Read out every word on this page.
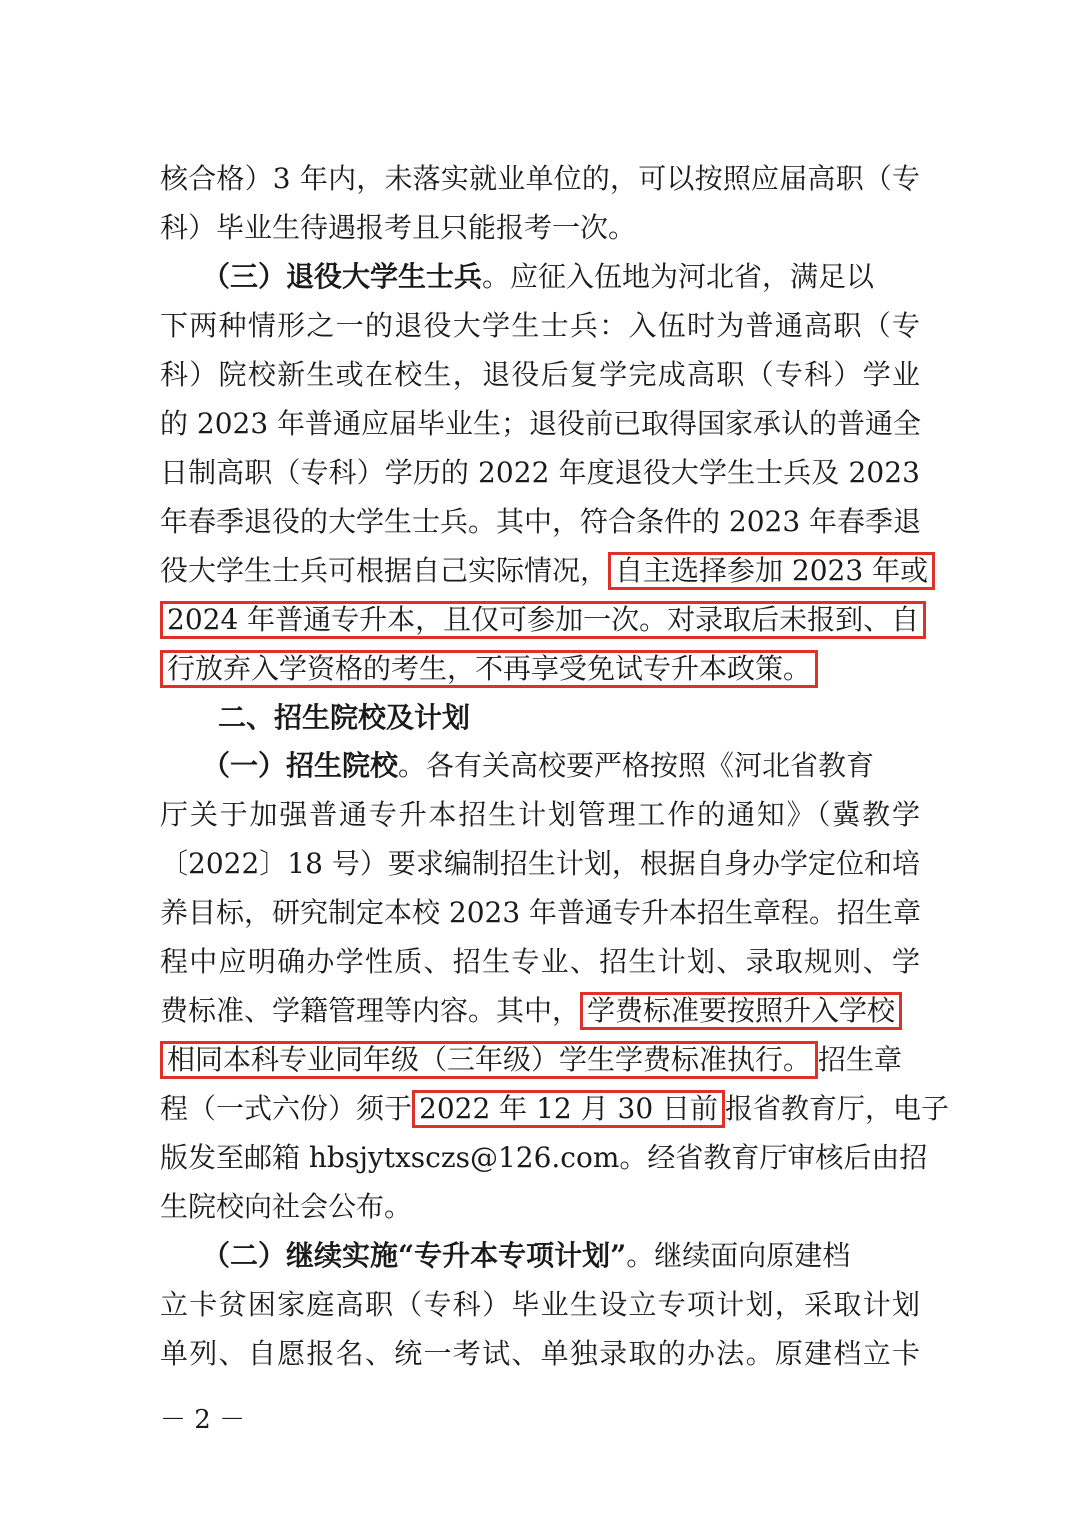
核合格）3 年内，未落实就业单位的，可以按照应届高职（专
科）毕业生待遇报考且只能报考一次。
　　（三）退役大学生士兵 。应征入伍地为河北省，满足以
下两种情形之一的退役大学生士兵：入伍时为普通高职（专
科）院校新生或在校生，退役后复学完成高职（专科）学业
的 2023 年普通应届毕业生；退役前已取得国家承认的普通全
日制高职（专科）学历的 2022 年度退役大学生士兵及 2023
年春季退役的大学生士兵。其中，符合条件的 2023 年春季退
役大学生士兵可根据自己实际情况， 自主选择参加 2023 年或
2024 年普通专升本，且仅可参加一次。对录取后未报到、自
行放弃入学资格的考生，不再享受免试专升本政策。
二、招生院校及计划
　　（一）招生院校 。各有关高校要严格按照《河北省教育
厅关于加强普通专升本招生计划管理工作的通知》（冀教学
〔2022〕18 号）要求编制招生计划，根据自身办学定位和培
养目标，研究制定本校 2023 年普通专升本招生章程。招生章
程中应明确办学性质、招生专业、招生计划、录取规则、学
费标准、学籍管理等内容。其中， 学费标准要按照升入学校
相同本科专业同年级（三年级）学生学费标准执行。 招生章
程（一式六份）须于 2022 年 12 月 30 日前 报省教育厅，电子
版发至邮箱 hbsjytxsczs@126.com。经省教育厅审核后由招
生院校向社会公布。
　　（二）继续实施“专升本专项计划” 。继续面向原建档
立卡贫困家庭高职（专科）毕业生设立专项计划，采取计划
单列、自愿报名、统一考试、单独录取的办法。原建档立卡
－ 2 －
